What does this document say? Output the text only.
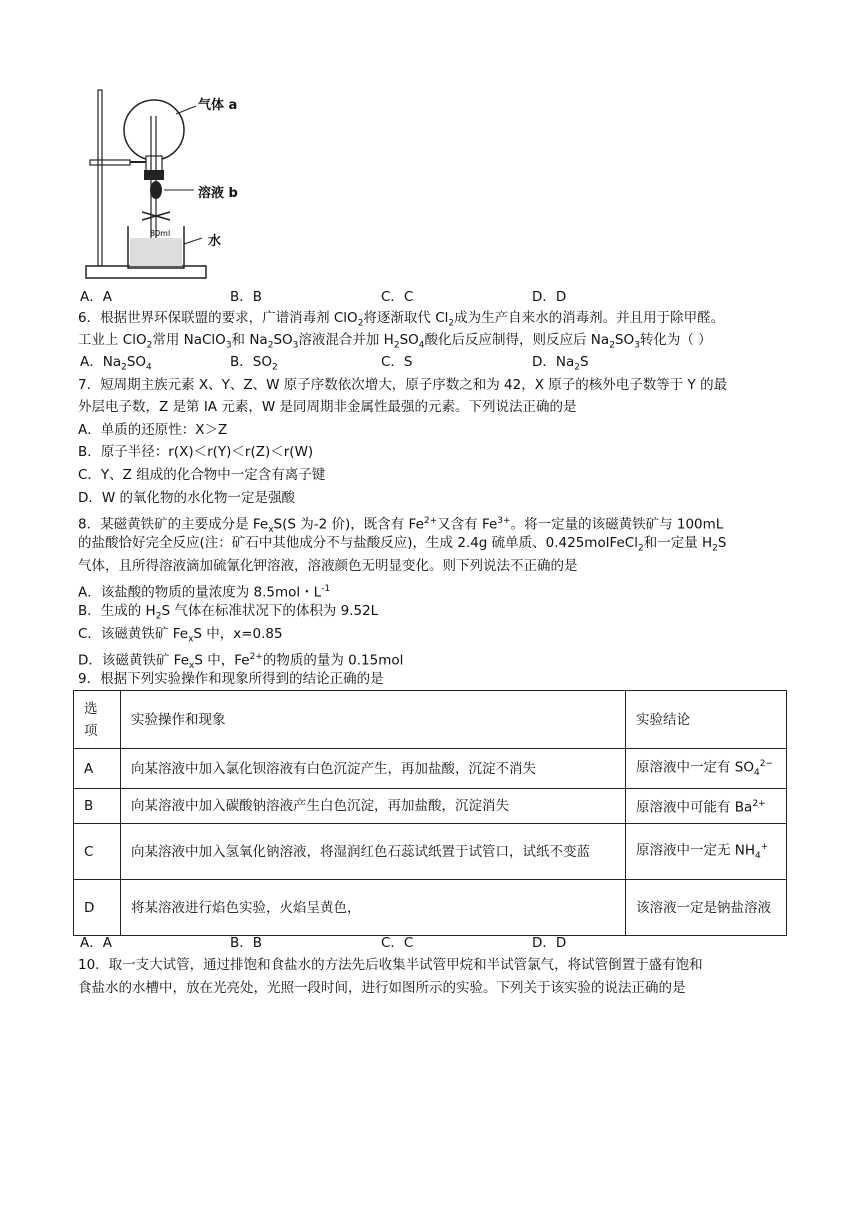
80ml
气体 a
溶液 b
水
A．A	B．B	C．C	D．D
6．根据世界环保联盟的要求，广谱消毒剂 ClO$_2$将逐渐取代 $Cl_2$成为生产自来水的消毒剂。并且用于除甲醛。
工业上 ClO$_2$常用 NaClO$_3$和 $Na_2SO_3$溶液混合并加 $H_2SO_4$酸化后反应制得，则反应后 $Na_2SO_3$转化为（ ）
A．$Na_2SO_4$	B．$SO_2$	C．S	D．$Na_2S$
7．短周期主族元素 X、Y、Z、W 原子序数依次增大，原子序数之和为 42，X 原子的核外电子数等于 Y 的最
外层电子数，Z 是第 IA 元素，W 是同周期非金属性最强的元素。下列说法正确的是
A．单质的还原性：X＞Z
B．原子半径：r(X)＜r(Y)＜r(Z)＜r(W)
C．Y、Z 组成的化合物中一定含有离子键
D．W 的氧化物的水化物一定是强酸
8．某磁黄铁矿的主要成分是 $Fe_xS(S$ 为-2 价)，既含有 $Fe^{2+}$又含有 $Fe^{3+}$。将一定量的该磁黄铁矿与 100mL
的盐酸恰好完全反应(注：矿石中其他成分不与盐酸反应)，生成 2.4g 硫单质、0.425molFeCl$_2$和一定量 $H_2S$
气体，且所得溶液滴加硫氰化钾溶液，溶液颜色无明显变化。则下列说法不正确的是
A．该盐酸的物质的量浓度为 8.5mol・$L^{-1}$
B．生成的 $H_2S$ 气体在标准状况下的体积为 9.52L
C．该磁黄铁矿 $Fe_xS$ 中，x=0.85
D．该磁黄铁矿 $Fe_xS$ 中，$Fe^{2+}$的物质的量为 0.15mol
9．根据下列实验操作和现象所得到的结论正确的是
选项	实验操作和现象	实验结论
A	向某溶液中加入氯化钡溶液有白色沉淀产生，再加盐酸，沉淀不消失	原溶液中一定有 $SO_4^{2-}$
B	向某溶液中加入碳酸钠溶液产生白色沉淀，再加盐酸，沉淀消失	原溶液中可能有 $Ba^{2+}$
C	向某溶液中加入氢氧化钠溶液，将湿润红色石蕊试纸置于试管口，试纸不变蓝	原溶液中一定无 $NH_4^+$
D	将某溶液进行焰色实验，火焰呈黄色，	该溶液一定是钠盐溶液
A．A	B．B	C．C	D．D
10．取一支大试管，通过排饱和食盐水的方法先后收集半试管甲烷和半试管氯气，将试管倒置于盛有饱和
食盐水的水槽中，放在光亮处，光照一段时间，进行如图所示的实验。下列关于该实验的说法正确的是
